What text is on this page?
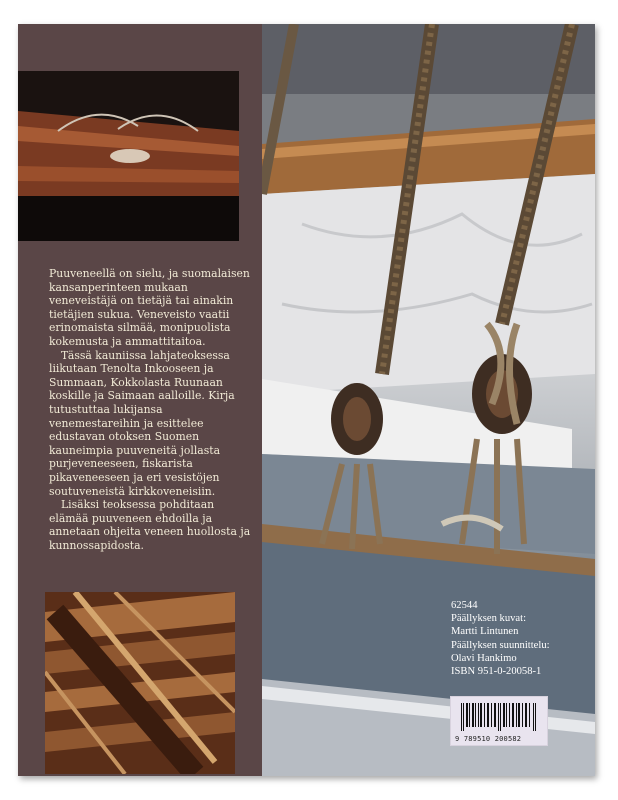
Puuveneellä on sielu, ja suomalaisen kansanperinteen mukaan veneveistäjä on tietäjä tai ainakin tietäjien sukua. Veneveisto vaatii erinomaista silmää, monipuolista kokemusta ja ammattitaitoa.

Tässä kauniissa lahjateoksessa liikutaan Tenolta Inkooseen ja Summaan, Kokkolasta Ruunaan koskille ja Saimaan aalloille. Kirja tutustuttaa lukijansa venemestareihin ja esittelee edustavan otoksen Suomen kauneimpia puuveneitä jollasta purjeveneeseen, fiskarista pikaveneeseen ja eri vesistöjen soutuveneistä kirkkoveneisiin.

Lisäksi teoksessa pohditaan elämää puuveneen ehdoilla ja annetaan ohjeita veneen huollosta ja kunnossapidosta.

62544
Päällyksen kuvat:
Martti Lintunen
Päällyksen suunnittelu:
Olavi Hankimo
ISBN 951-0-20058-1
9 789510 200582
